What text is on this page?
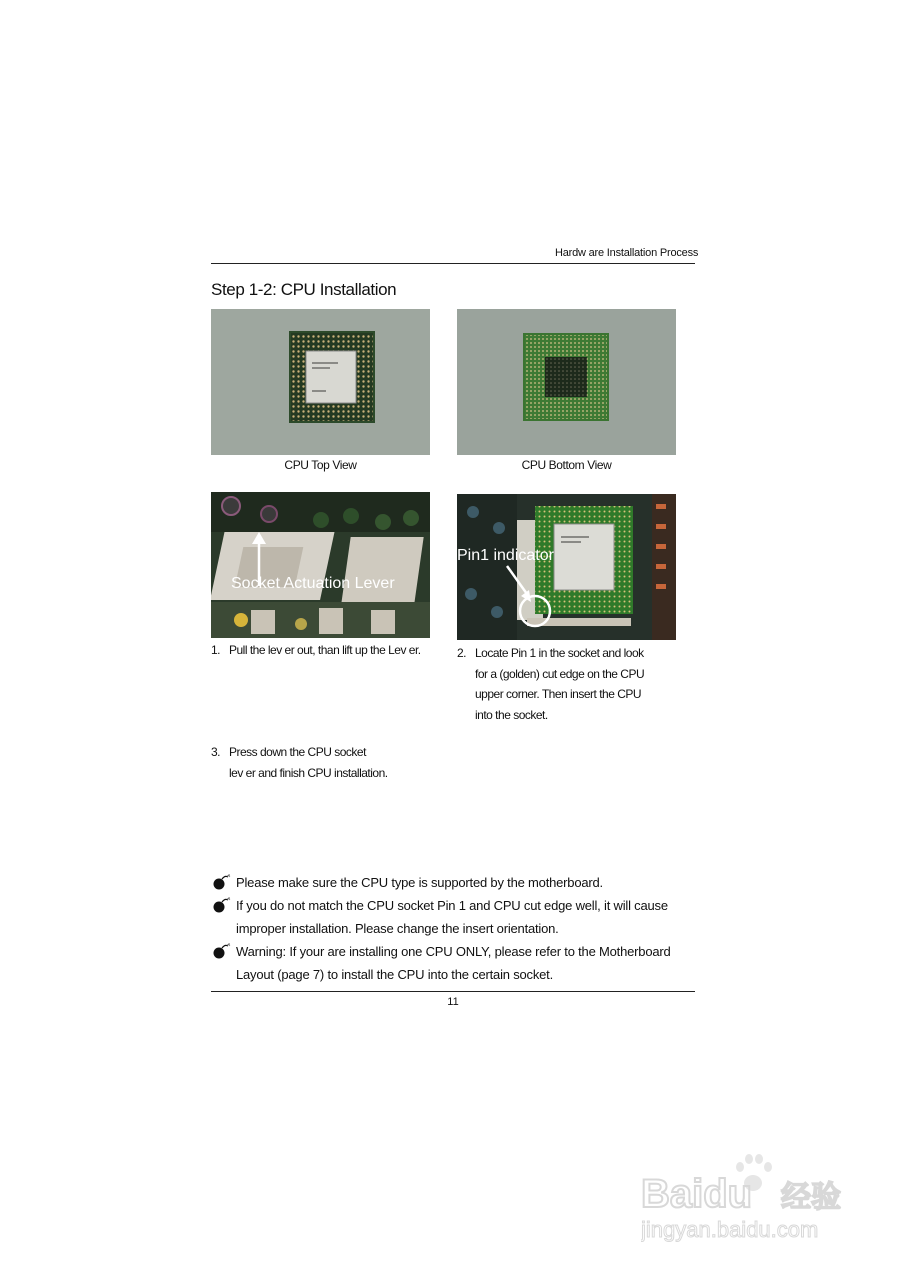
Hardw are Installation Process
Step 1-2: CPU Installation
CPU Top View	CPU Bottom View
Socket Actuation Lever
Pin1 indicator
1. Pull the lev er out, than lift up the Lev er.	2. Locate Pin 1 in the socket and look
for a (golden) cut edge on the CPU
upper corner. Then insert the CPU
into the socket.
3. Press down the CPU socket
lev er and finish CPU installation.
Please make sure the CPU type is supported by the motherboard.
If you do not match the CPU socket Pin 1 and CPU cut edge well, it will cause
improper installation. Please change the insert orientation.
Warning: If your are installing one CPU ONLY, please refer to the Motherboard
Layout (page 7) to install the CPU into the certain socket.
11
Baidu 经验
jingyan.baidu.com
